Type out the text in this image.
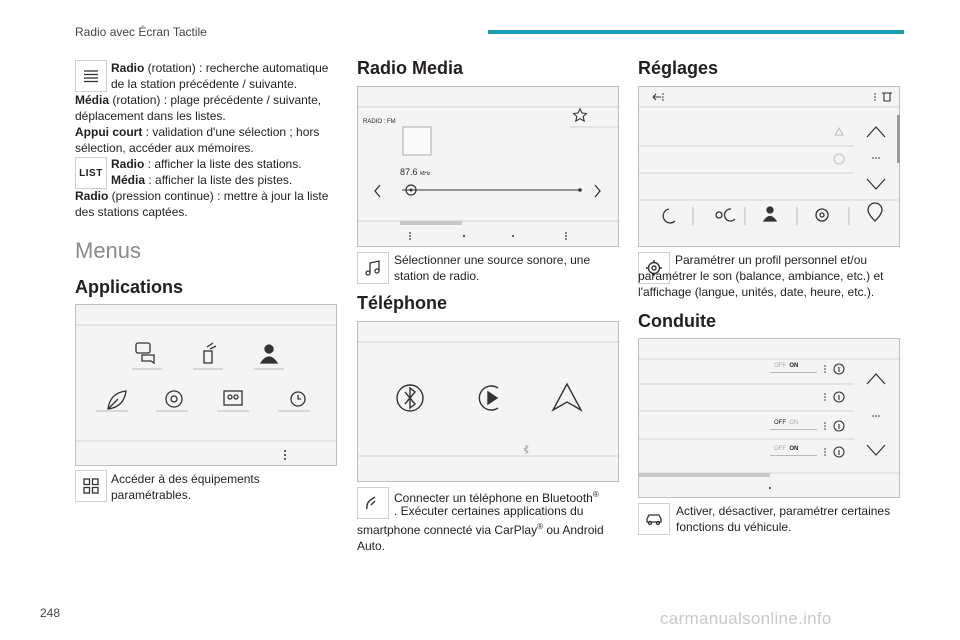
Radio avec Écran Tactile
Radio (rotation) : recherche automatique de la station précédente / suivante.
Média (rotation) : plage précédente / suivante, déplacement dans les listes.
Appui court : validation d'une sélection ; hors sélection, accéder aux mémoires.
LIST
Radio : afficher la liste des stations.
Média : afficher la liste des pistes.
Radio (pression continue) : mettre à jour la liste des stations captées.
Menus
Applications
Accéder à des équipements paramétrables.
Radio Media
RADIO : FM
87.6 MHz
Sélectionner une source sonore, une station de radio.
Téléphone
Connecter un téléphone en Bluetooth®
. Exécuter certaines applications du smartphone connecté via CarPlay® ou Android Auto.
Réglages
Paramétrer un profil personnel et/ou paramétrer le son (balance, ambiance, etc.) et l'affichage (langue, unités, date, heure, etc.).
Conduite
OFF ON
OFF ON
OFF ON
Activer, désactiver, paramétrer certaines fonctions du véhicule.
248	carmanualsonline.info
